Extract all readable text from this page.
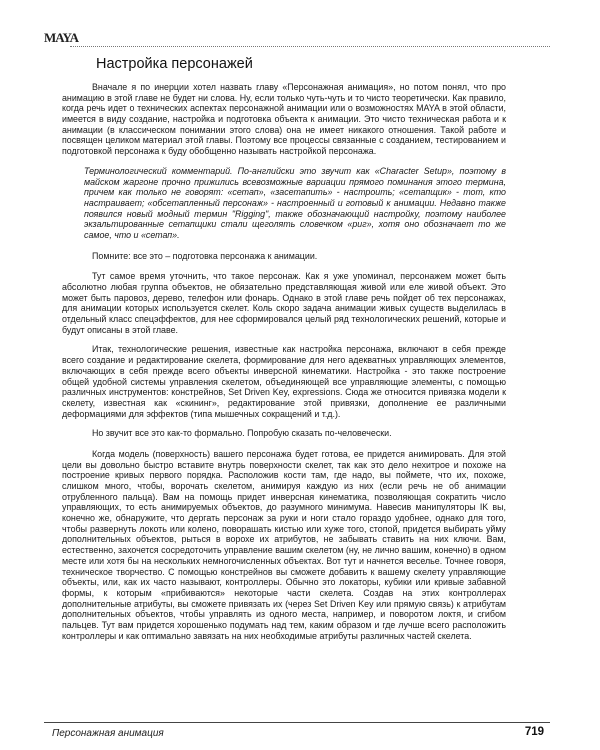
MAYA
Настройка персонажей

Вначале я по инерции хотел назвать главу «Персонажная анимация», но потом понял, что про анимацию в этой главе не будет ни слова. Ну, если только чуть-чуть и то чисто теоретически. Как правило, когда речь идет о технических аспектах персонажной анимации или о возможностях MAYA в этой области, имеется в виду создание, настройка и подготовка объекта к анимации. Это чисто техническая работа и к анимации (в классическом понимании этого слова) она не имеет никакого отношения. Такой работе и посвящен целиком материал этой главы. Поэтому все процессы связанные с созданием, тестированием и подготовкой персонажа к буду обобщенно называть настройкой персонажа.

Терминологический комментарий. По-английски это звучит как «Character Setup», поэтому в майском жаргоне прочно прижились всевозможные вариации прямого поминания этого термина, причем как только не говорят: «сетап», «засетапить» - настроить; «сетапщик» - тот, кто настраивает; «обсетапленный персонаж» - настроенный и готовый к анимации. Недавно также появился новый модный термин "Rigging", также обозначающий настройку, поэтому наиболее экзальтированные сетапщики стали щеголять словечком «риг», хотя оно обозначает то же самое, что и «сетап».

Помните: все это – подготовка персонажа к анимации.

Тут самое время уточнить, что такое персонаж. Как я уже упоминал, персонажем может быть абсолютно любая группа объектов, не обязательно представляющая живой или еле живой объект. Это может быть паровоз, дерево, телефон или фонарь. Однако в этой главе речь пойдет об тех персонажах, для анимации которых используется скелет. Коль скоро задача анимации живых существ выделилась в отдельный класс спецэффектов, для нее сформировался целый ряд технологических решений, которые и будут описаны в этой главе.

Итак, технологические решения, известные как настройка персонажа, включают в себя прежде всего создание и редактирование скелета, формирование для него адекватных управляющих элементов, включающих в себя прежде всего объекты инверсной кинематики. Настройка - это также построение общей удобной системы управления скелетом, объединяющей все управляющие элементы, с помощью различных инструментов: констрейнов, Set Driven Key, expressions. Сюда же относится привязка модели к скелету, известная как «скининг», редактирование этой привязки, дополнение ее различными деформациями для эффектов (типа мышечных сокращений и т.д.).

Но звучит все это как-то формально. Попробую сказать по-человечески.

Когда модель (поверхность) вашего персонажа будет готова, ее придется анимировать. Для этой цели вы довольно быстро вставите внутрь поверхности скелет, так как это дело нехитрое и похоже на построение кривых первого порядка. Расположив кости там, где надо, вы поймете, что их, похоже, слишком много, чтобы, ворочать скелетом, анимируя каждую из них (если речь не об анимации отрубленного пальца). Вам на помощь придет инверсная кинематика, позволяющая сократить число управляющих, то есть анимируемых объектов, до разумного минимума. Навесив манипуляторы IK вы, конечно же, обнаружите, что дергать персонаж за руки и ноги стало гораздо удобнее, однако для того, чтобы развернуть локоть или колено, поворашать кистью или хуже того, стопой, придется выбирать уйму дополнительных объектов, рыться в ворохе их атрибутов, не забывать ставить на них ключи. Вам, естественно, захочется сосредоточить управление вашим скелетом (ну, не личнo вашим, конечно) в одном месте или хотя бы на нескольких немногочисленных объектах. Вот тут и начнется веселье. Точнее говоря, техническое творчество. С помощью констрейнов вы сможете добавить к вашему скелету управляющие объекты, или, как их часто называют, контроллеры. Обычно это локаторы, кубики или кривые забавной формы, к которым «прибиваются» некоторые части скелета. Создав на этих контроллерах дополнительные атрибуты, вы сможете привязать их (через Set Driven Key или прямую связь) к атрибутам дополнительных объектов, чтобы управлять из одного места, например, и поворотом локтя, и сгибом пальцев. Тут вам придется хорошенько подумать над тем, каким образом и где лучше всего расположить контроллеры и как оптимально завязать на них необходимые атрибуты различных частей скелета.

Персонажная анимация	719
